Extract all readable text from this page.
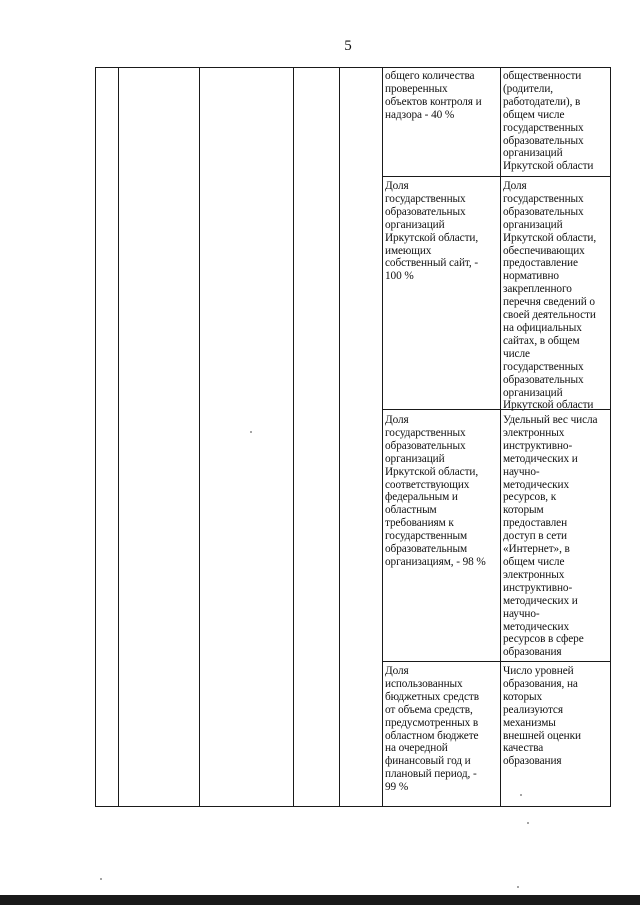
5
общего количества
проверенных
объектов контроля и
надзора - 40 %
общественности
(родители,
работодатели), в
общем числе
государственных
образовательных
организаций
Иркутской области
Доля
государственных
образовательных
организаций
Иркутской области,
имеющих
собственный сайт, -
100 %
Доля
государственных
образовательных
организаций
Иркутской области,
обеспечивающих
предоставление
нормативно
закрепленного
перечня сведений о
своей деятельности
на официальных
сайтах, в общем
числе
государственных
образовательных
организаций
Иркутской области
Доля
государственных
образовательных
организаций
Иркутской области,
соответствующих
федеральным и
областным
требованиям к
государственным
образовательным
организациям, - 98 %
Удельный вес числа
электронных
инструктивно-
методических и
научно-
методических
ресурсов, к
которым
предоставлен
доступ в сети
«Интернет», в
общем числе
электронных
инструктивно-
методических и
научно-
методических
ресурсов в сфере
образования
Доля
использованных
бюджетных средств
от объема средств,
предусмотренных в
областном бюджете
на очередной
финансовый год и
плановый период, -
99 %
Число уровней
образования, на
которых
реализуются
механизмы
внешней оценки
качества
образования
